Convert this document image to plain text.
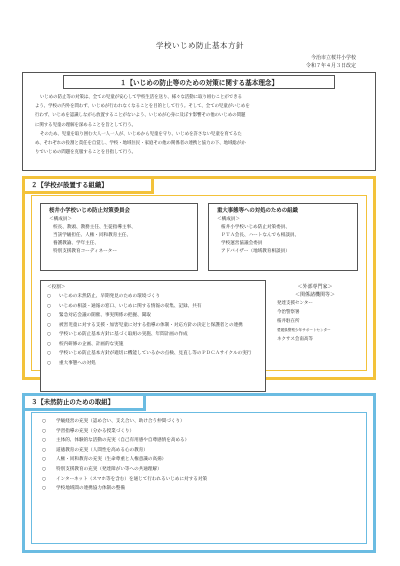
学校いじめ防止基本方針
今治市立桜井小学校
令和７年４月３日改定
１【いじめの防止等のための対策に関する基本理念】

いじめの防止等の対策は、全ての児童が安心して学校生活を送り、様々な活動に取り組むことができる

よう、学校の内外を問わず、いじめが行われなくなることを目的として行う。そして、全ての児童がいじめを

行わず、いじめを認識しながら放置することがないよう、いじめが心身に及ぼす影響その他のいじめの問題

に関する児童の理解を深めることを旨として行う。

そのため、児童を取り囲む大人一人一人が、いじめから児童を守り、いじめを許さない児童を育てるた

め、それぞれの役割と責任を自覚し、学校・地域住民・家庭その他の関係者の連携と協力の下、地域総がか

りでいじめの問題を克服することを目指して行う。

２【学校が設置する組織】
桜井小学校いじめ防止対策委員会
＜構成員＞
校長、教頭、教務主任、生徒指導主事、
当該学級担任、人権・同和教育主任、
養護教諭、学年主任、
特別支援教育コーディネーター
重大事態等への対処のための組織
＜構成員＞
桜井小学校いじめ防止対策委員、
ＰＴＡ会長、ハートなんでも相談員、
学校運営協議会委員
アドバイザー（地域教育相談員）
＜役割＞
○	いじめの未然防止、早期発見のための環境づくり
○	いじめの相談・通報の窓口、いじめに関する情報の収集、記録、共有
○	緊急対応会議の開催、事実関係の把握、聞取
○	被害児童に対する支援・加害児童に対する指導の体制・対応方針の決定と保護者との連携
○	学校いじめ防止基本方針に基づく取組の実施、年間計画の作成
○	校内研修の企画、計画的な実施
○	学校いじめ防止基本方針が適切に機能しているかの点検、見直し等のＰＤＣＡサイクルの実行
○	重大事態への対処
＜外部専門家＞
＜関係諸機関等＞
発達支援センター
今治警察署
桜井駐在所
愛媛県警察少年サポートセンター
ネクサス会南高等
３【未然防止のための取組】
○	学級経営の充実（認め合い、支え合い、助け合う仲間づくり）
○	学習指導の充実（分かる授業づくり）
○	主体的、体験的な活動の充実（自己有用感や自尊感情を高める）
○	道徳教育の充実（人間性を高める心の教育）
○	人権・同和教育の充実（生命尊重と人権意識の高揚）
○	特別支援教育の充実（発達障がい等への共通理解）
○	インターネット（スマホ等を含む）を通じて行われるいじめに対する対策
○	学校地域間の連携協力体制の整備
